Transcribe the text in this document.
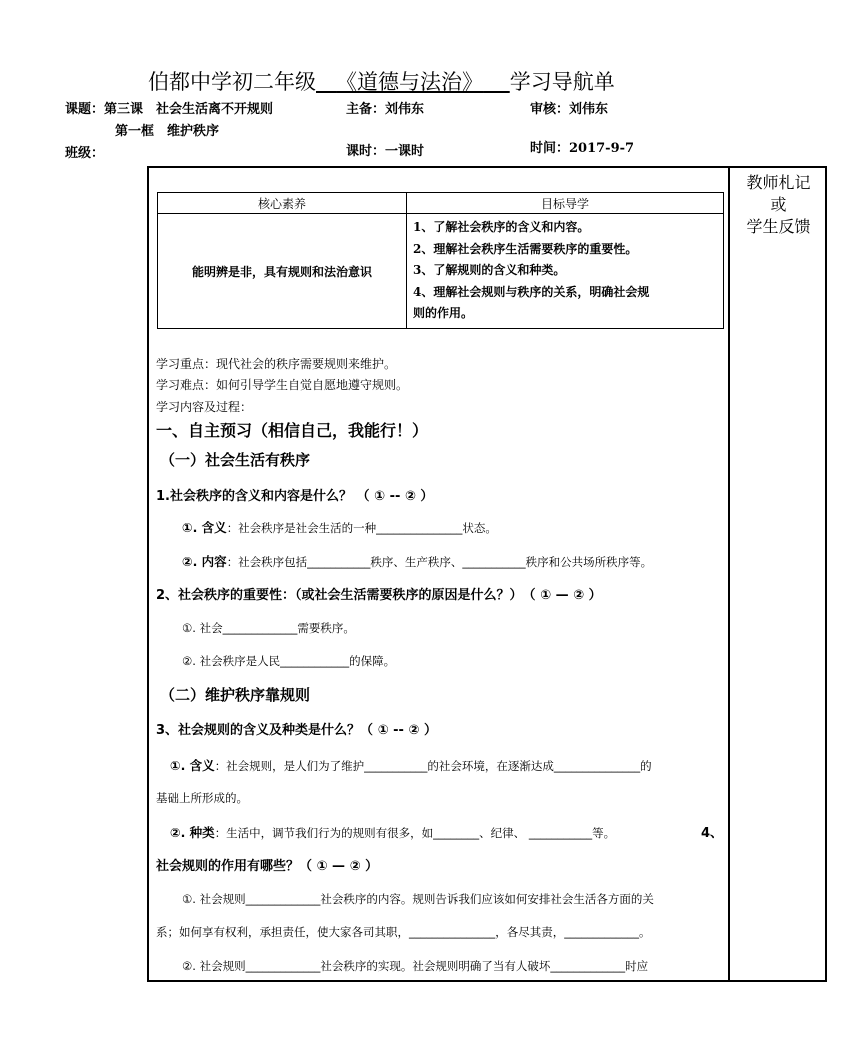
伯都中学初二年级 《道德与法治》 学习导航单
课题：第三课　社会生活离不开规则
第一框　维护秩序
班级：
主备：刘伟东	审核：刘伟东
课时：一课时	时间：2017-9-7
教师札记
或
学生反馈
核心素养	目标导学
能明辨是非，具有规则和法治意识	1、了解社会秩序的含义和内容。
2、理解社会秩序生活需要秩序的重要性。
3、了解规则的含义和种类。
4、理解社会规则与秩序的关系，明确社会规
则的作用。
学习重点：现代社会的秩序需要规则来维护。
学习难点：如何引导学生自觉自愿地遵守规则。
学习内容及过程：
一、自主预习（相信自己，我能行！）
（一）社会生活有秩序
1.社会秩序的含义和内容是什么？ （ ① -- ② ）
①. 含义：社会秩序是社会生活的一种_______________状态。
②. 内容：社会秩序包括___________秩序、生产秩序、___________秩序和公共场所秩序等。
2、社会秩序的重要性：（或社会生活需要秩序的原因是什么？）　（ ① — ② ）
①. 社会_____________需要秩序。
②. 社会秩序是人民____________的保障。
（二）维护秩序靠规则
3、社会规则的含义及种类是什么？（ ① -- ② ）
①. 含义：社会规则，是人们为了维护___________的社会环境，在逐渐达成_______________的
基础上所形成的。
②. 种类：生活中，调节我们行为的规则有很多，如________、纪律、 ___________等。	4、
社会规则的作用有哪些？（ ① — ② ）
①. 社会规则_____________社会秩序的内容。规则告诉我们应该如何安排社会生活各方面的关
系；如何享有权利，承担责任，使大家各司其职，_______________，各尽其责，_____________。
②. 社会规则_____________社会秩序的实现。社会规则明确了当有人破坏_____________时应
